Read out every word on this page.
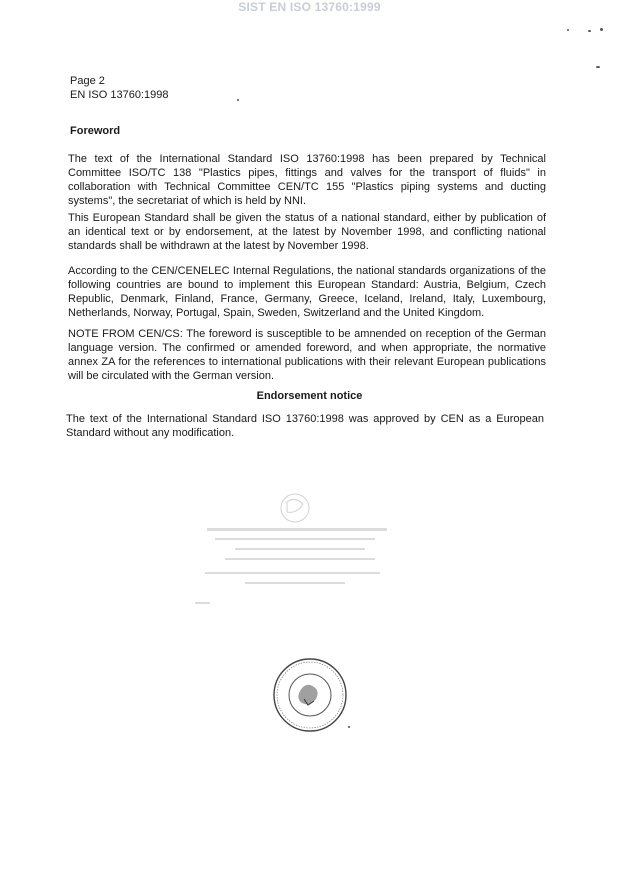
SIST EN ISO 13760:1999
Page 2
EN ISO 13760:1998
Foreword
The text of the International Standard ISO 13760:1998 has been prepared by Technical Committee ISO/TC 138 "Plastics pipes, fittings and valves for the transport of fluids" in collaboration with Technical Committee CEN/TC 155 "Plastics piping systems and ducting systems", the secretariat of which is held by NNI.
This European Standard shall be given the status of a national standard, either by publication of an identical text or by endorsement, at the latest by November 1998, and conflicting national standards shall be withdrawn at the latest by November 1998.
According to the CEN/CENELEC Internal Regulations, the national standards organizations of the following countries are bound to implement this European Standard: Austria, Belgium, Czech Republic, Denmark, Finland, France, Germany, Greece, Iceland, Ireland, Italy, Luxembourg, Netherlands, Norway, Portugal, Spain, Sweden, Switzerland and the United Kingdom.
NOTE FROM CEN/CS: The foreword is susceptible to be amnended on reception of the German language version. The confirmed or amended foreword, and when appropriate, the normative annex ZA for the references to international publications with their relevant European publications will be circulated with the German version.
Endorsement notice
The text of the International Standard ISO 13760:1998 was approved by CEN as a European Standard without any modification.
